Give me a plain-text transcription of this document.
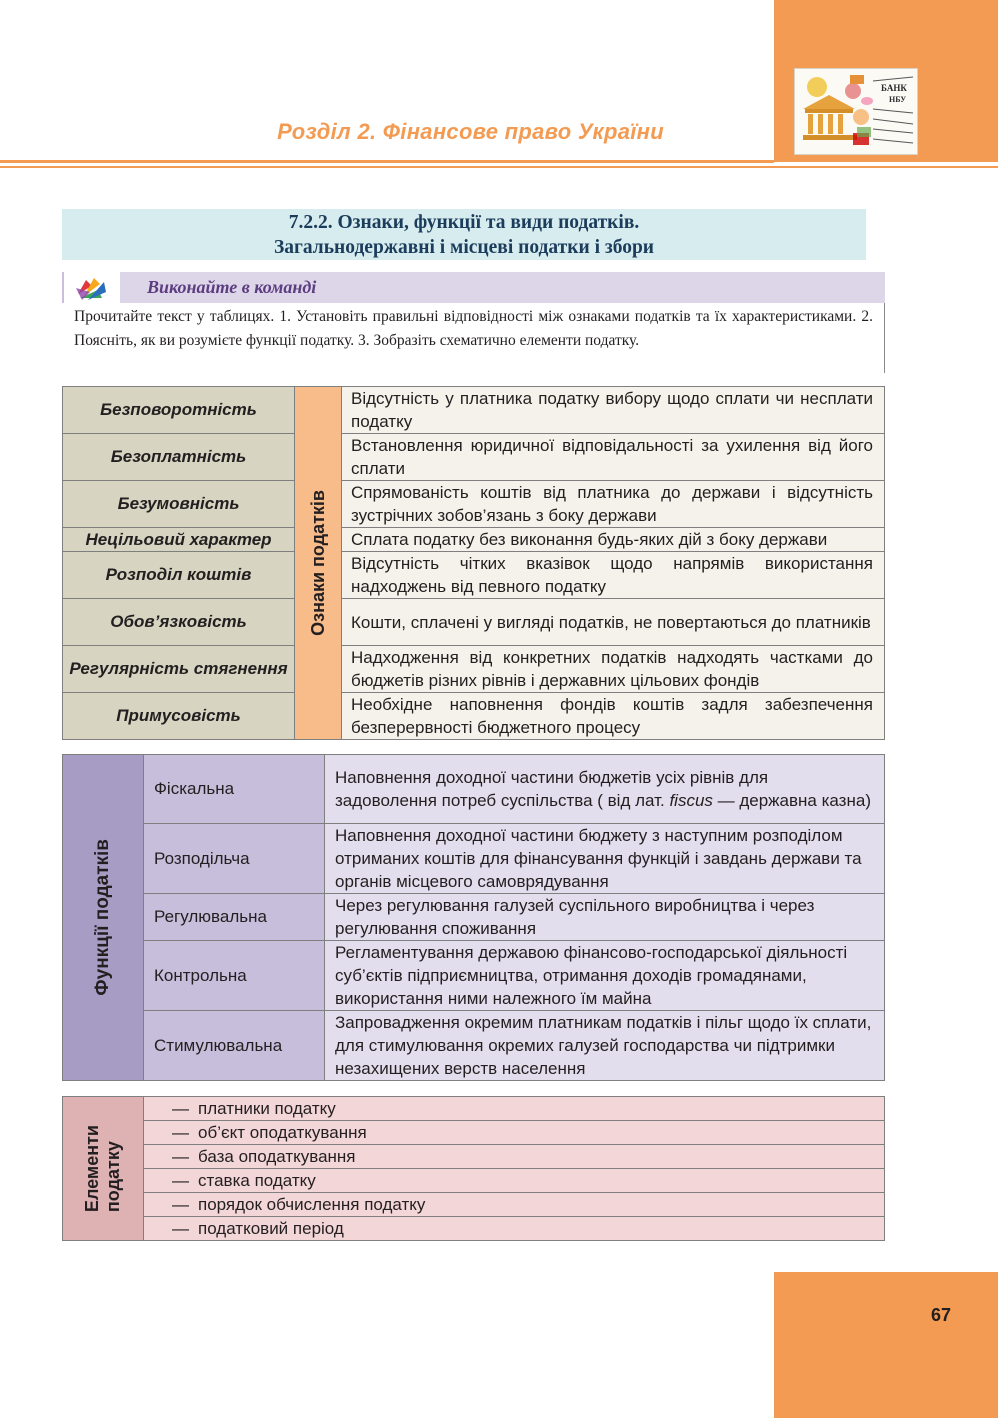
Розділ 2. Фінансове право України
БАНК
НБУ
7.2.2. Ознаки, функції та види податків.
Загальнодержавні і місцеві податки і збори
Виконайте в команді
Прочитайте текст у таблицях. 1. Установіть правильні відповідності між ознаками податків та їх характеристиками. 2. Поясніть, як ви розумієте функції податку. 3. Зобразіть схематично елементи податку.
Безповоротність	Ознаки податків	Відсутність у платника податку вибору щодо сплати чи несплати податку
Безоплатність		Встановлення юридичної відповідальності за ухилення від його сплати
Безумовність		Спрямованість коштів від платника до держави і відсутність зустрічних зобов’язань з боку держави
Нецільовий характер		Сплата податку без виконання будь-яких дій з боку держави
Розподіл коштів		Відсутність чітких вказівок щодо напрямів використання надходжень від певного податку
Обов’язковість		Кошти, сплачені у вигляді податків, не повертаються до платників
Регулярність стягнення		Надходження від конкретних податків надходять частками до бюджетів різних рівнів і державних цільових фондів
Примусовість		Необхідне наповнення фондів коштів задля забезпечення безперервності бюджетного процесу
Функції податків	Фіскальна	Наповнення доходної частини бюджетів усіх рівнів для задоволення потреб суспільства ( від лат. fiscus — державна казна)
	Розподільча	Наповнення доходної частини бюджету з наступним розподілом отриманих коштів для фінансування функцій і завдань держави та органів місцевого самоврядування
	Регулювальна	Через регулювання галузей суспільного виробництва і через регулювання споживання
	Контрольна	Регламентування державою фінансово-господарської діяльності суб’єктів підприємництва, отримання доходів громадянами, використання ними належного їм майна
	Стимулювальна	Запровадження окремим платникам податків і пільг щодо їх сплати, для стимулювання окремих галузей господарства чи підтримки незахищених верств населення
Елементи
податку
	— платники податку
— об’єкт оподаткування
— база оподаткування
— ставка податку
— порядок обчислення податку
— податковий період
67
